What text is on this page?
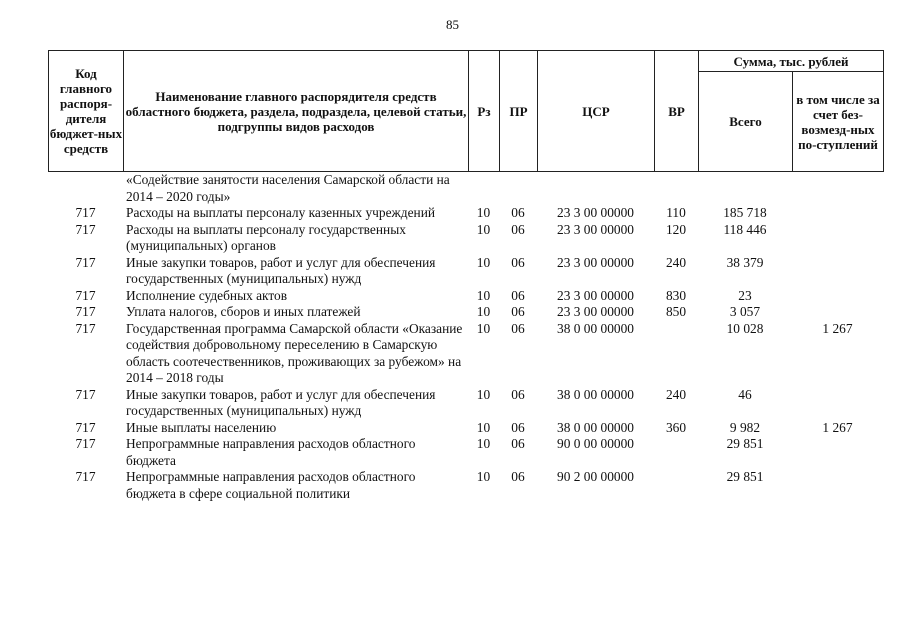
85
Код главного распоря-дителя бюджет-ных средств	Наименование главного распорядителя средств областного бюджета, раздела, подраздела, целевой статьи, подгруппы видов расходов	Рз	ПР	ЦСР	ВР	Сумма, тыс. рублей	
						Всего	в том числе за счет без-возмезд-ных по-ступлений
	«Содействие занятости населения Самарской области на 2014 – 2020 годы»						
717	Расходы на выплаты персоналу казенных учреждений	10	06	23 3 00 00000	110	185 718	
717	Расходы на выплаты персоналу государственных (муниципальных) органов	10	06	23 3 00 00000	120	118 446	
717	Иные закупки товаров, работ и услуг для обеспечения государственных (муниципальных) нужд	10	06	23 3 00 00000	240	38 379	
717	Исполнение судебных актов	10	06	23 3 00 00000	830	23	
717	Уплата налогов, сборов и иных платежей	10	06	23 3 00 00000	850	3 057	
717	Государственная программа Самарской области «Оказание содействия добровольному переселению в Самарскую область соотечественников, проживающих за рубежом» на 2014 – 2018 годы	10	06	38 0 00 00000		10 028	1 267
717	Иные закупки товаров, работ и услуг для обеспечения государственных (муниципальных) нужд	10	06	38 0 00 00000	240	46	
717	Иные выплаты населению	10	06	38 0 00 00000	360	9 982	1 267
717	Непрограммные направления расходов областного бюджета	10	06	90 0 00 00000		29 851	
717	Непрограммные направления расходов областного бюджета в сфере социальной политики	10	06	90 2 00 00000		29 851	
